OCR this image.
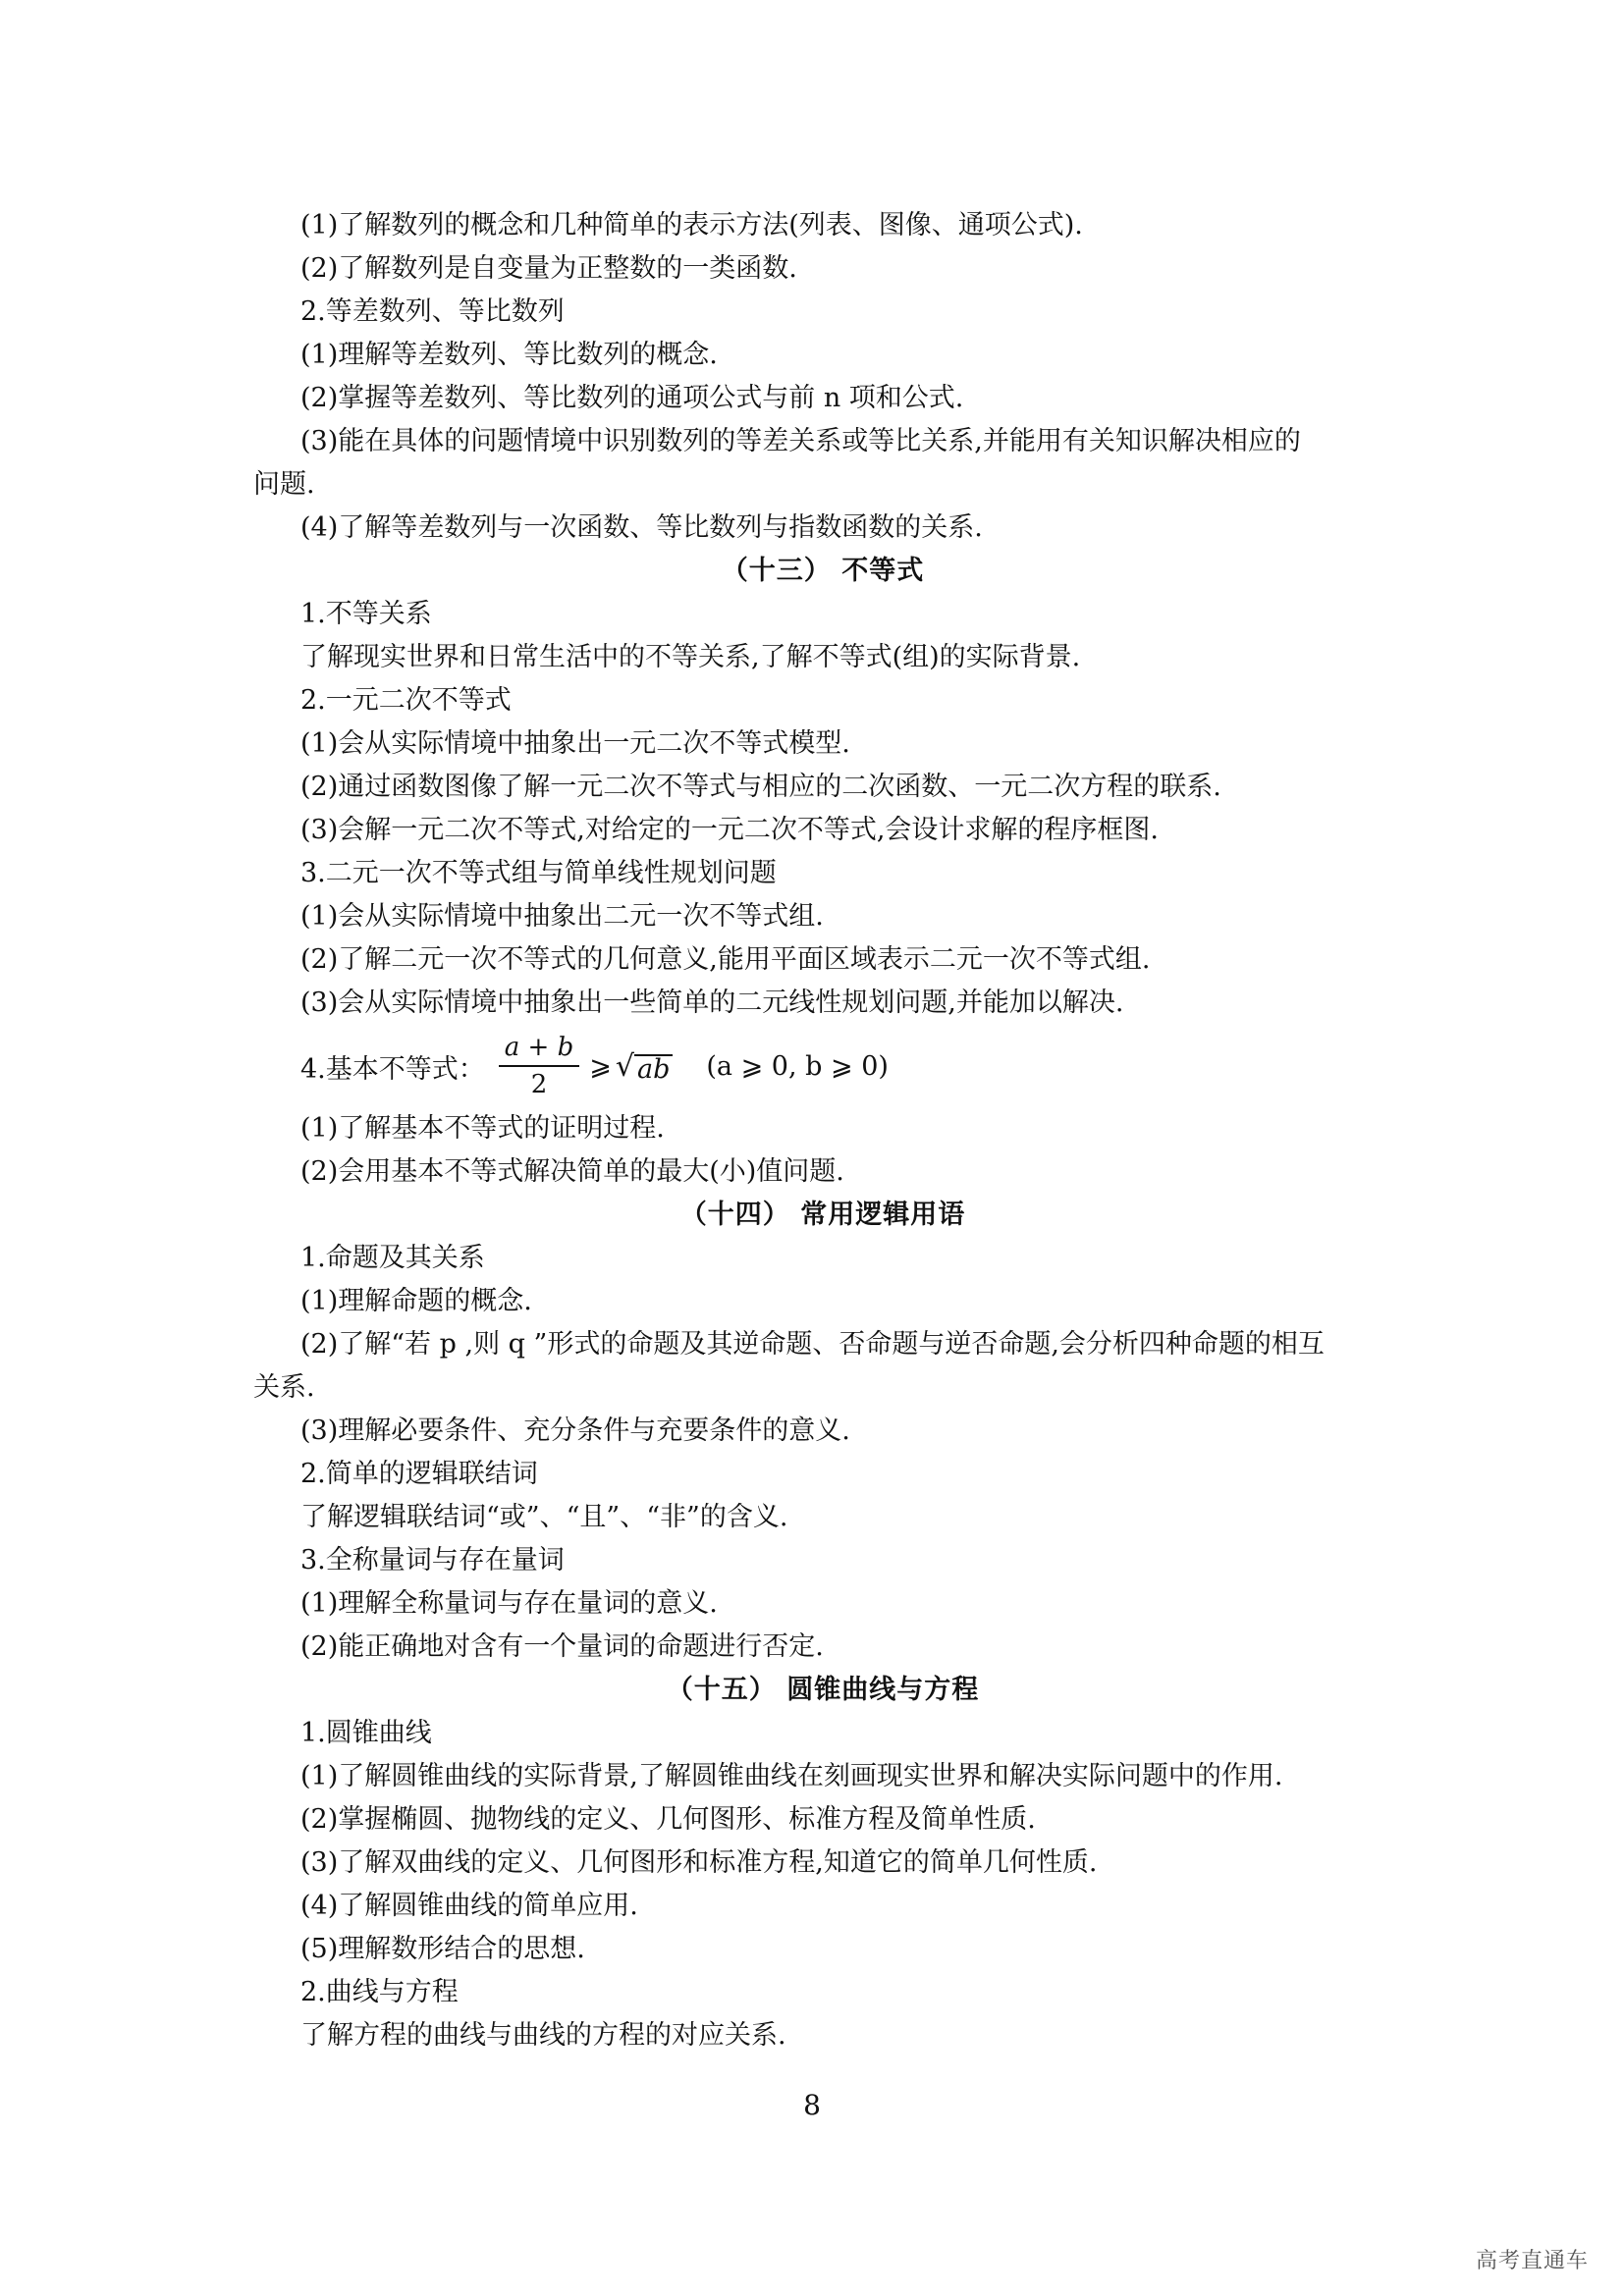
(1)了解数列的概念和几种简单的表示方法(列表、图像、通项公式).
(2)了解数列是自变量为正整数的一类函数.
2.等差数列、等比数列
(1)理解等差数列、等比数列的概念.
(2)掌握等差数列、等比数列的通项公式与前 n 项和公式.
(3)能在具体的问题情境中识别数列的等差关系或等比关系,并能用有关知识解决相应的
问题.
(4)了解等差数列与一次函数、等比数列与指数函数的关系.
（十三） 不等式
1.不等关系
了解现实世界和日常生活中的不等关系,了解不等式(组)的实际背景.
2.一元二次不等式
(1)会从实际情境中抽象出一元二次不等式模型.
(2)通过函数图像了解一元二次不等式与相应的二次函数、一元二次方程的联系.
(3)会解一元二次不等式,对给定的一元二次不等式,会设计求解的程序框图.
3.二元一次不等式组与简单线性规划问题
(1)会从实际情境中抽象出二元一次不等式组.
(2)了解二元一次不等式的几何意义,能用平面区域表示二元一次不等式组.
(3)会从实际情境中抽象出一些简单的二元线性规划问题,并能加以解决.
4.基本不等式： $\frac{a + b}{2}$ ⩾ √ ab (a ⩾ 0, b ⩾ 0)
(1)了解基本不等式的证明过程.
(2)会用基本不等式解决简单的最大(小)值问题.
（十四） 常用逻辑用语
1.命题及其关系
(1)理解命题的概念.
(2)了解“若 p ,则 q ”形式的命题及其逆命题、否命题与逆否命题,会分析四种命题的相互
关系.
(3)理解必要条件、充分条件与充要条件的意义.
2.简单的逻辑联结词
了解逻辑联结词“或”、“且”、“非”的含义.
3.全称量词与存在量词
(1)理解全称量词与存在量词的意义.
(2)能正确地对含有一个量词的命题进行否定.
（十五） 圆锥曲线与方程
1.圆锥曲线
(1)了解圆锥曲线的实际背景,了解圆锥曲线在刻画现实世界和解决实际问题中的作用.
(2)掌握椭圆、抛物线的定义、几何图形、标准方程及简单性质.
(3)了解双曲线的定义、几何图形和标准方程,知道它的简单几何性质.
(4)了解圆锥曲线的简单应用.
(5)理解数形结合的思想.
2.曲线与方程
了解方程的曲线与曲线的方程的对应关系.
8
高考直通车
